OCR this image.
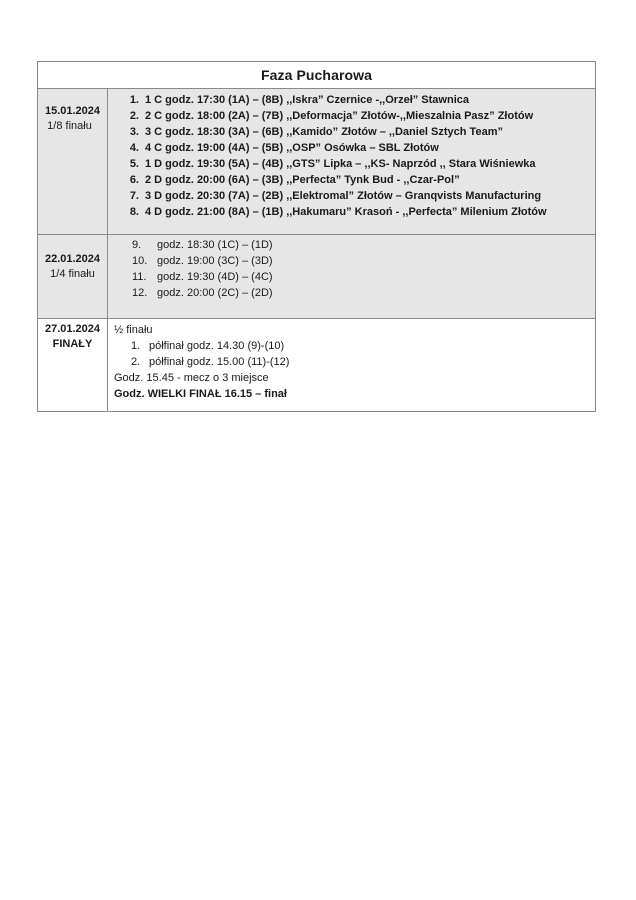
Faza Pucharowa
15.01.2024
1/8 finału
1. 1 C godz. 17:30 (1A) – (8B) ,,Iskra” Czernice -,,Orzeł” Stawnica
2. 2 C godz. 18:00 (2A) – (7B) ,,Deformacja” Złotów-,,Mieszalnia Pasz” Złotów
3. 3 C godz. 18:30 (3A) – (6B) ,,Kamido” Złotów – ,,Daniel Sztych Team”
4. 4 C godz. 19:00 (4A) – (5B) ,,OSP” Osówka – SBL Złotów
5. 1 D godz. 19:30 (5A) – (4B) ,,GTS” Lipka – ,,KS- Naprzód ,, Stara Wiśniewka
6. 2 D godz. 20:00 (6A) – (3B) ,,Perfecta” Tynk Bud - ,,Czar-Pol”
7. 3 D godz. 20:30 (7A) – (2B) ,,Elektromal” Złotów – Granqvists Manufacturing
8. 4 D godz. 21:00 (8A) – (1B) ,,Hakumaru” Krasoń - ,,Perfecta” Milenium Złotów
22.01.2024
1/4 finału
9.	godz. 18:30 (1C) – (1D)
10. godz. 19:00 (3C) – (3D)
11. godz. 19:30 (4D) – (4C)
12. godz. 20:00 (2C) – (2D)
27.01.2024
FINAŁY
½ finału
1. półfinał godz. 14.30 (9)-(10)
2. półfinał godz. 15.00 (11)-(12)
Godz. 15.45 - mecz o 3 miejsce
Godz. WIELKI FINAŁ 16.15 – finał
